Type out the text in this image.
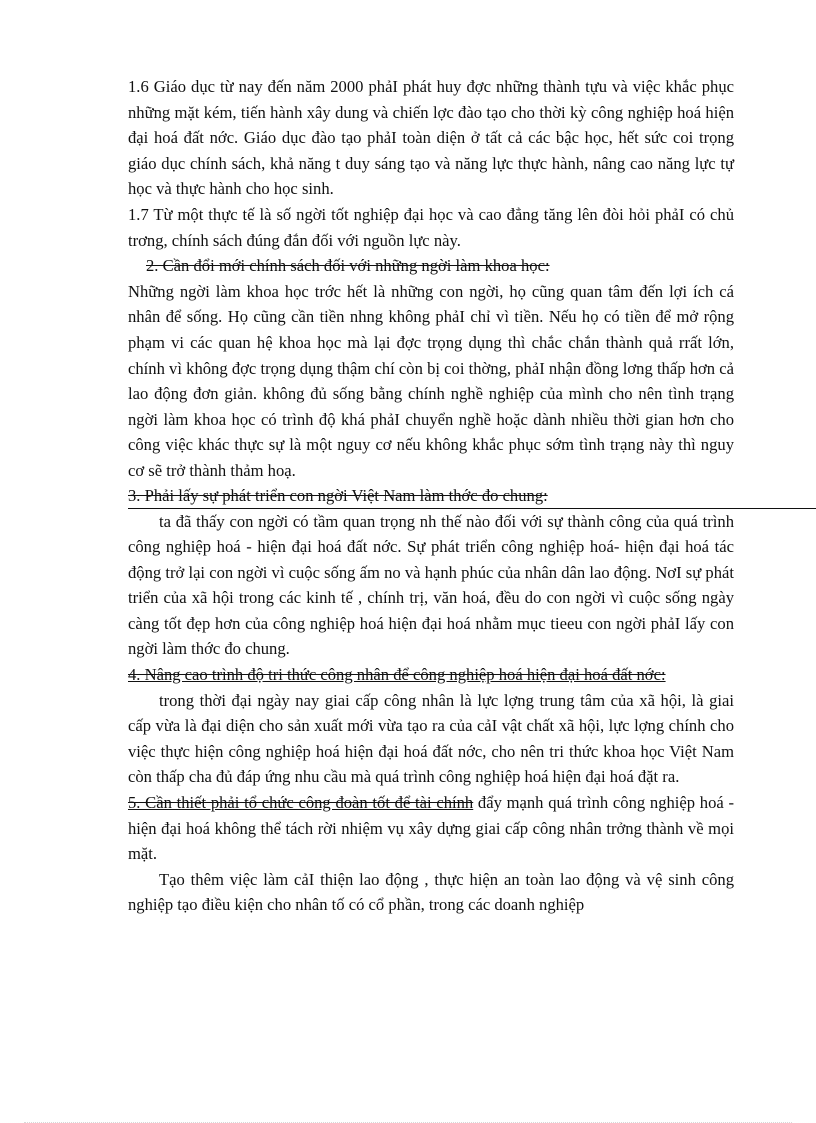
1.6 Giáo dục từ nay đến năm 2000 phảI phát huy đợc những thành tựu và việc khắc phục những mặt kém, tiến hành xây dung và chiến lợc đào tạo cho thời kỳ công nghiệp hoá hiện đại hoá đất nớc. Giáo dục đào tạo phảI toàn diện ở tất cả các bậc học, hết sức coi trọng giáo dục chính sách, khả năng t duy sáng tạo và năng lực thực hành, nâng cao năng lực tự học và thực hành cho học sinh.

1.7 Từ một thực tế là số ngời tốt nghiệp đại học và cao đẳng tăng lên đòi hỏi phảI có chủ trơng, chính sách đúng đắn đối với nguồn lực này.

2. Cần đổi mới chính sách đối với những ngời làm khoa học:

Những ngời làm khoa học trớc hết là những con ngời, họ cũng quan tâm đến lợi ích cá nhân để sống. Họ cũng cần tiền nhng không phảI chỉ vì tiền. Nếu họ có tiền để mở rộng phạm vi các quan hệ khoa học mà lại đợc trọng dụng thì chắc chắn thành quả rrất lớn, chính vì không đợc trọng dụng thậm chí còn bị coi thờng, phảI nhận đồng lơng thấp hơn cả lao động đơn giản. không đủ sống bằng chính nghề nghiệp của mình cho nên tình trạng ngời làm khoa học có trình độ khá phảI chuyển nghề hoặc dành nhiều thời gian hơn cho công việc khác thực sự là một nguy cơ nếu không khắc phục sớm tình trạng này thì nguy cơ sẽ trở thành thảm hoạ.

3. Phải lấy sự phát triển con ngời Việt Nam làm thớc đo chung:

ta đã thấy con ngời có tầm quan trọng nh thế nào đối với sự thành công của quá trình công nghiệp hoá - hiện đại hoá đất nớc. Sự phát triển công nghiệp hoá- hiện đại hoá tác động trở lại con ngời vì cuộc sống ấm no và hạnh phúc của nhân dân lao động. NơI sự phát triển của xã hội trong các kinh tế , chính trị, văn hoá, đều do con ngời vì cuộc sống ngày càng tốt đẹp hơn của công nghiệp hoá hiện đại hoá nhằm mục tieeu con ngời phảI lấy con ngời làm thớc đo chung.

4. Nâng cao trình độ tri thức công nhân để công nghiệp hoá hiện đại hoá đất nớc:

trong thời đại ngày nay giai cấp công nhân là lực lợng trung tâm của xã hội, là giai cấp vừa là đại diện cho sản xuất mới vừa tạo ra của cảI vật chất xã hội, lực lợng chính cho việc thực hiện công nghiệp hoá hiện đại hoá đất nớc, cho nên tri thức khoa học Việt Nam còn thấp cha đủ đáp ứng nhu cầu mà quá trình công nghiệp hoá hiện đại hoá đặt ra.

5. Cần thiết phải tổ chức công đoàn tốt để tài chính đẩy mạnh quá trình công nghiệp hoá - hiện đại hoá không thể tách rời nhiệm vụ xây dựng giai cấp công nhân trởng thành về mọi mặt.

Tạo thêm việc làm cảI thiện lao động , thực hiện an toàn lao động và vệ sinh công nghiệp tạo điều kiện cho nhân tố có cổ phần, trong các doanh nghiệp
